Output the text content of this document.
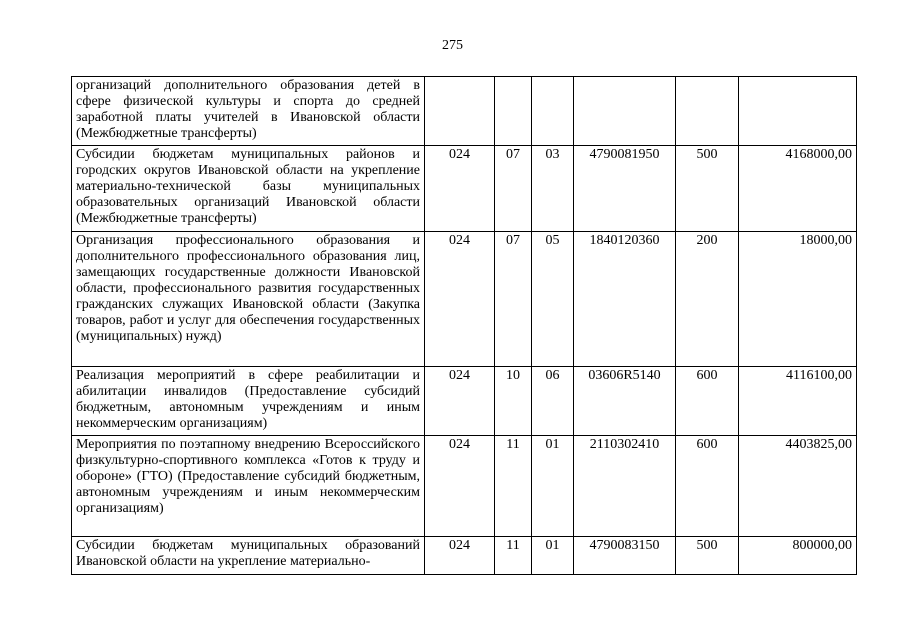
275
организаций дополнительного образования детей в сфере физической культуры и спорта до средней заработной платы учителей в Ивановской области (Межбюджетные трансферты)						
Субсидии бюджетам муниципальных районов и городских округов Ивановской области на укрепление материально-технической базы муниципальных образовательных организаций Ивановской области (Межбюджетные трансферты)	024	07	03	4790081950	500	4168000,00
Организация профессионального образования и дополнительного профессионального образования лиц, замещающих государственные должности Ивановской области, профессионального развития государственных гражданских служащих Ивановской области (Закупка товаров, работ и услуг для обеспечения государственных (муниципальных) нужд)	024	07	05	1840120360	200	18000,00
Реализация мероприятий в сфере реабилитации и абилитации инвалидов (Предоставление субсидий бюджетным, автономным учреждениям и иным некоммерческим организациям)	024	10	06	03606R5140	600	4116100,00
Мероприятия по поэтапному внедрению Всероссийского физкультурно-спортивного комплекса «Готов к труду и обороне» (ГТО) (Предоставление субсидий бюджетным, автономным учреждениям и иным некоммерческим организациям)	024	11	01	2110302410	600	4403825,00
Субсидии бюджетам муниципальных образований Ивановской области на укрепление материально-	024	11	01	4790083150	500	800000,00
